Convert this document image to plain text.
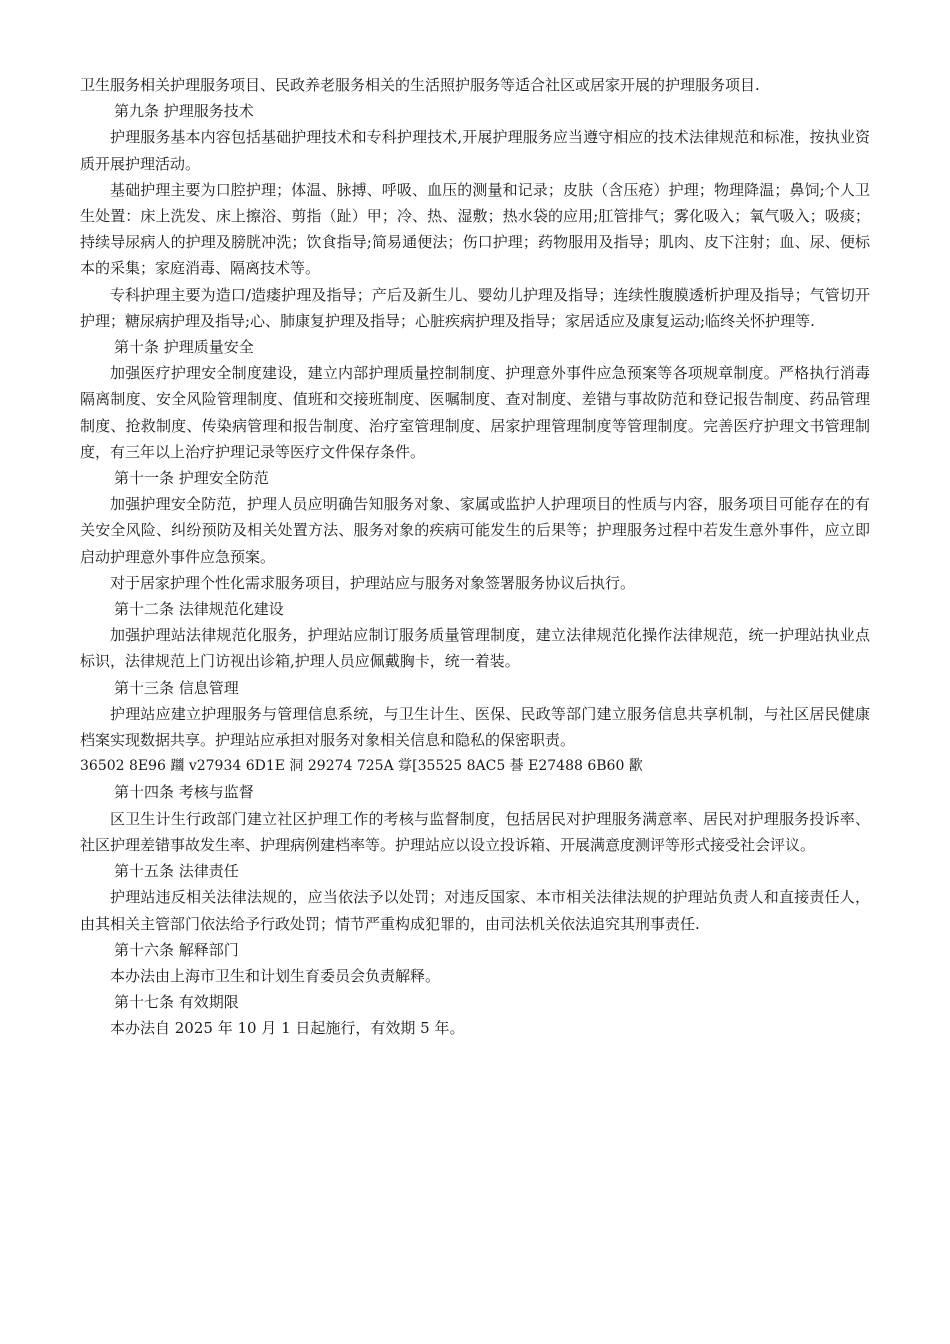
卫生服务相关护理服务项目、民政养老服务相关的生活照护服务等适合社区或居家开展的护理服务项目.

第九条 护理服务技术

护理服务基本内容包括基础护理技术和专科护理技术,开展护理服务应当遵守相应的技术法律规范和标准，按执业资质开展护理活动。

基础护理主要为口腔护理；体温、脉搏、呼吸、血压的测量和记录；皮肤（含压疮）护理；物理降温；鼻饲;个人卫生处置：床上洗发、床上擦浴、剪指（趾）甲；冷、热、湿敷；热水袋的应用;肛管排气；雾化吸入；氧气吸入；吸痰；持续导尿病人的护理及膀胱冲洗；饮食指导;简易通便法；伤口护理；药物服用及指导；肌肉、皮下注射；血、尿、便标本的采集；家庭消毒、隔离技术等。

专科护理主要为造口/造瘘护理及指导；产后及新生儿、婴幼儿护理及指导；连续性腹膜透析护理及指导；气管切开护理；糖尿病护理及指导;心、肺康复护理及指导；心脏疾病护理及指导；家居适应及康复运动;临终关怀护理等.

第十条 护理质量安全

加强医疗护理安全制度建设，建立内部护理质量控制制度、护理意外事件应急预案等各项规章制度。严格执行消毒隔离制度、安全风险管理制度、值班和交接班制度、医嘱制度、查对制度、差错与事故防范和登记报告制度、药品管理制度、抢救制度、传染病管理和报告制度、治疗室管理制度、居家护理管理制度等管理制度。完善医疗护理文书管理制度，有三年以上治疗护理记录等医疗文件保存条件。

第十一条 护理安全防范

加强护理安全防范，护理人员应明确告知服务对象、家属或监护人护理项目的性质与内容，服务项目可能存在的有关安全风险、纠纷预防及相关处置方法、服务对象的疾病可能发生的后果等；护理服务过程中若发生意外事件，应立即启动护理意外事件应急预案。

对于居家护理个性化需求服务项目，护理站应与服务对象签署服务协议后执行。

第十二条 法律规范化建设

加强护理站法律规范化服务，护理站应制订服务质量管理制度，建立法律规范化操作法律规范，统一护理站执业点标识，法律规范上门访视出诊箱,护理人员应佩戴胸卡，统一着装。

第十三条 信息管理

护理站应建立护理服务与管理信息系统，与卫生计生、医保、民政等部门建立服务信息共享机制，与社区居民健康档案实现数据共享。护理站应承担对服务对象相关信息和隐私的保密职责。

36502 8E96 躖 v27934 6D1E 洞 29274 725A 牚[35525 8AC5 諅 E27488 6B60 歠

第十四条 考核与监督

区卫生计生行政部门建立社区护理工作的考核与监督制度，包括居民对护理服务满意率、居民对护理服务投诉率、社区护理差错事故发生率、护理病例建档率等。护理站应以设立投诉箱、开展满意度测评等形式接受社会评议。

第十五条 法律责任

护理站违反相关法律法规的，应当依法予以处罚；对违反国家、本市相关法律法规的护理站负责人和直接责任人，由其相关主管部门依法给予行政处罚；情节严重构成犯罪的，由司法机关依法追究其刑事责任.

第十六条 解释部门

本办法由上海市卫生和计划生育委员会负责解释。

第十七条 有效期限

本办法自 2025 年 10 月 1 日起施行，有效期 5 年。
